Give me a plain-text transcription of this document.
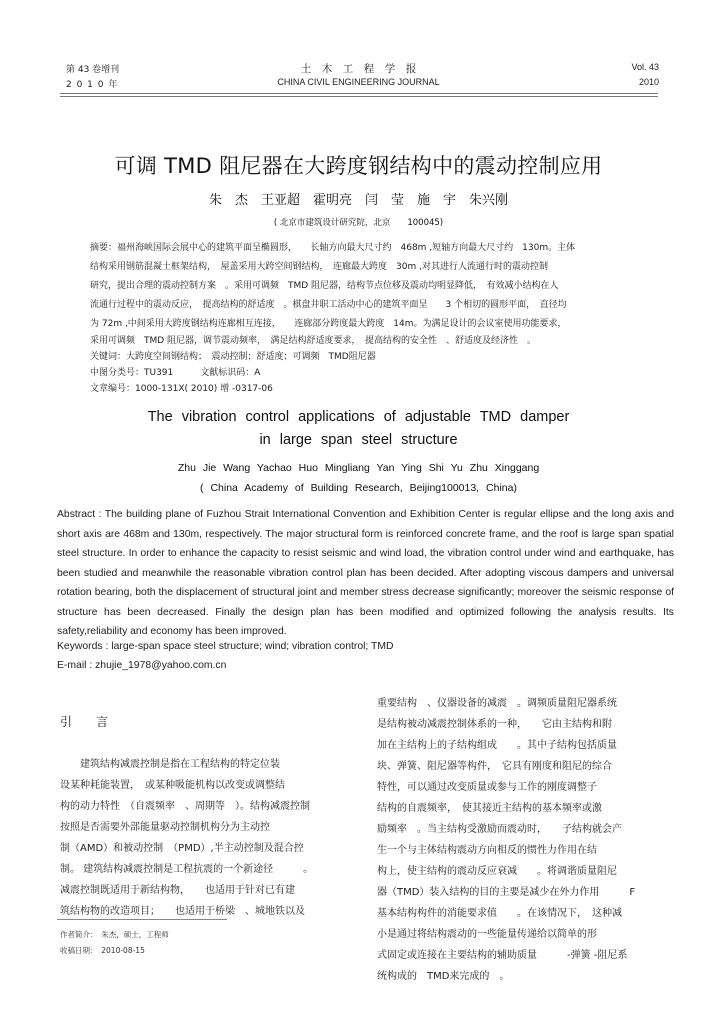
第 43 卷增刊
2 0 1 0 年
土　木　工　程　学　报
CHINA CIVIL ENGINEERING JOURNAL
Vol. 43
2010
可调 TMD 阻尼器在大跨度钢结构中的震动控制应用
朱　杰　王亚超　霍明亮　闫　莹　施　宇　朱兴刚
( 北京市建筑设计研究院，北京　　100045)
摘要：福州海峡国际会展中心的建筑平面呈椭圆形，　　长轴方向最大尺寸约　468m ,短轴方向最大尺寸约　130m。主体
结构采用钢筋混凝土框架结构，　屋盖采用大跨空间钢结构，　连廊最大跨度　30m ,对其进行人流通行时的震动控制
研究，提出合理的震动控制方案　。采用可调频　TMD 阻尼器，结构节点位移及震动均明显降低，　有效减小结构在人
流通行过程中的震动反应，　提高结构的舒适度　。棋盘井职工活动中心的建筑平面呈　　3 个相切的圆形平面，　直径均
为 72m ,中间采用大跨度钢结构连廊相互连接，　　连廊部分跨度最大跨度　14m。为满足设计的会议室使用功能要求，
采用可调频　TMD 阻尼器，调节震动频率，　满足结构舒适度要求，　提高结构的安全性　、舒适度及经济性　。
关键词：大跨度空间钢结构；　震动控制；舒适度；可调频　TMD阻尼器
中图分类号：TU391　　　文献标识码：A
文章编号：1000-131X( 2010) 增 -0317-06
The vibration control applications of adjustable TMD damper
in large span steel structure
Zhu Jie Wang Yachao Huo Mingliang Yan Ying Shi Yu Zhu Xinggang
( China Academy of Building Research, Beijing100013, China)

Abstract : The building plane of Fuzhou Strait International Convention and Exhibition Center is regular ellipse and the long axis and short axis are 468m and 130m, respectively. The major structural form is reinforced concrete frame, and the roof is large span spatial steel structure. In order to enhance the capacity to resist seismic and wind load, the vibration control under wind and earthquake, has been studied and meanwhile the reasonable vibration control plan has been decided. After adopting viscous dampers and universal rotation bearing, both the displacement of structural joint and member stress decrease significantly; moreover the seismic response of structure has been decreased. Finally the design plan has been modified and optimized following the analysis results. Its safety,reliability and economy has been improved.

Keywords : large-span space steel structure; wind; vibration control; TMD
E-mail : zhujie_1978@yahoo.com.cn
引　　言
　　建筑结构减震控制是指在工程结构的特定位装
设某种耗能装置，　或某种吸能机构以改变或调整结
构的动力特性　（自震频率　、周期等　）。结构减震控制
按照是否需要外部能量驱动控制机构分为主动控
制（AMD）和被动控制　（PMD）,半主动控制及混合控
制。 建筑结构减震控制是工程抗震的一个新途径　　　。
减震控制既适用于新结构物，　　也适用于针对已有建
筑结构物的改造项目；　　也适用于桥梁　、城地铁以及
作者简介：　朱杰，硕士，工程师
收稿日期：　2010-08-15
重要结构　、仪器设备的减震　。调频质量阻尼器系统
是结构被动减震控制体系的一种，　　它由主结构和附
加在主结构上的子结构组成　　。其中子结构包括质量
块、弹簧、阻尼器等构件，　它具有刚度和阻尼的综合
特性，可以通过改变质量或参与工作的刚度调整子
结构的自震频率，　使其接近主结构的基本频率或激
励频率　。当主结构受激励而震动时，　　子结构就会产
生一个与主体结构震动方向相反的惯性力作用在结
构上，使主结构的震动反应衰减　　。将调谐质量阻尼
器（TMD）装入结构的目的主要是减少在外力作用　　　F
基本结构构件的消能要求值　　。在该情况下，　这种减
小是通过将结构震动的一些能量传递给以简单的形
式固定或连接在主要结构的辅助质量　　　-弹簧 -阻尼系
统构成的　TMD来完成的　。
